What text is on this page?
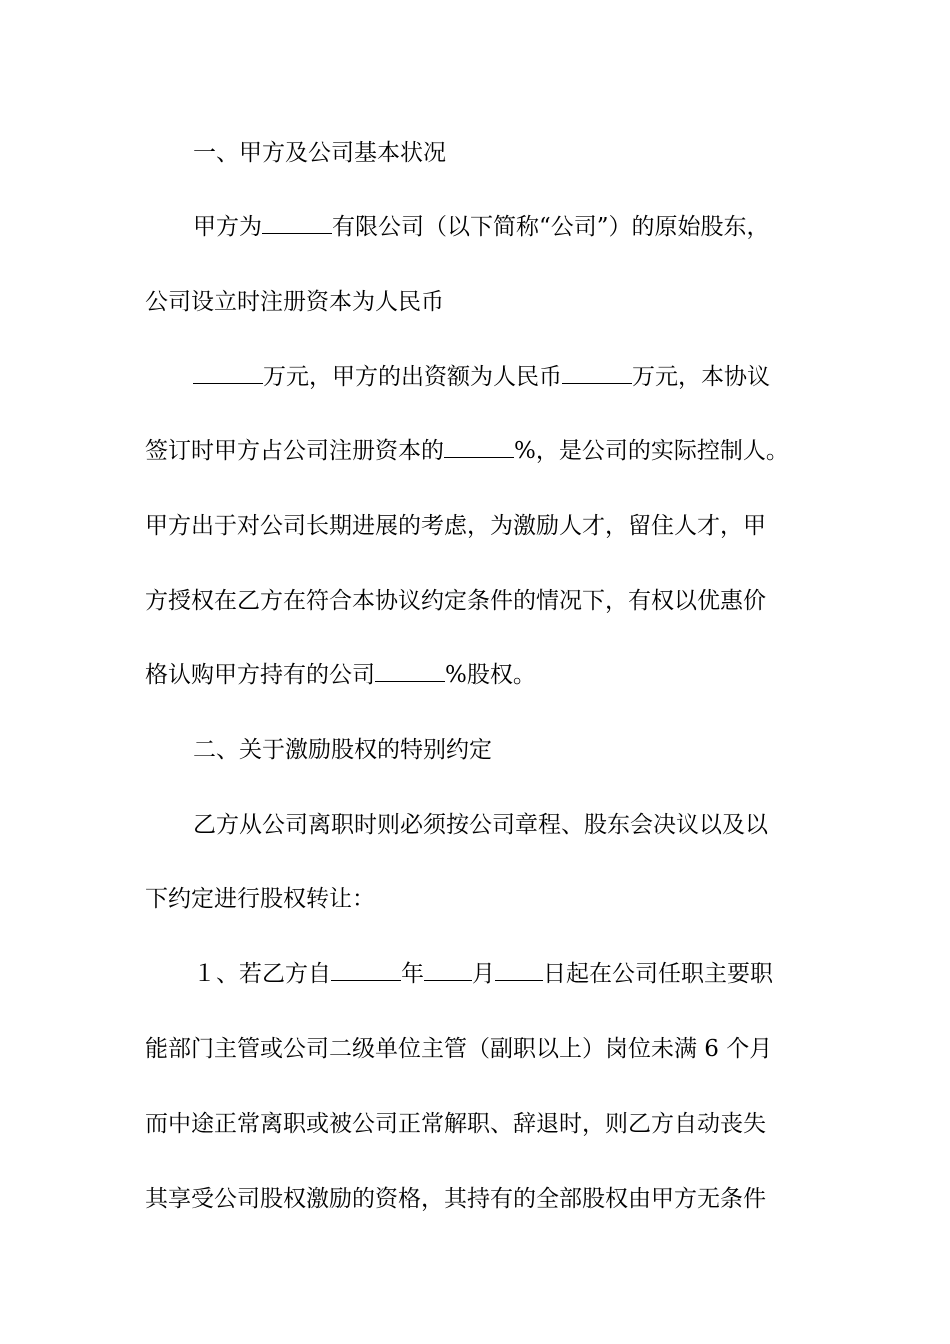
一、甲方及公司基本状况
甲方为	有限公司（以下简称“公司”）的原始股东，
公司设立时注册资本为人民币
万元，甲方的出资额为人民币	万元，本协议
签订时甲方占公司注册资本的	%，是公司的实际控制人。
甲方出于对公司长期进展的考虑，为激励人才，留住人才，甲
方授权在乙方在符合本协议约定条件的情况下，有权以优惠价
格认购甲方持有的公司	%股权。
二、关于激励股权的特别约定
乙方从公司离职时则必须按公司章程、股东会决议以及以
下约定进行股权转让：
１、若乙方自	年 月 日起在公司任职主要职
能部门主管或公司二级单位主管（副职以上）岗位未满 6 个月
而中途正常离职或被公司正常解职、辞退时，则乙方自动丧失
其享受公司股权激励的资格，其持有的全部股权由甲方无条件
